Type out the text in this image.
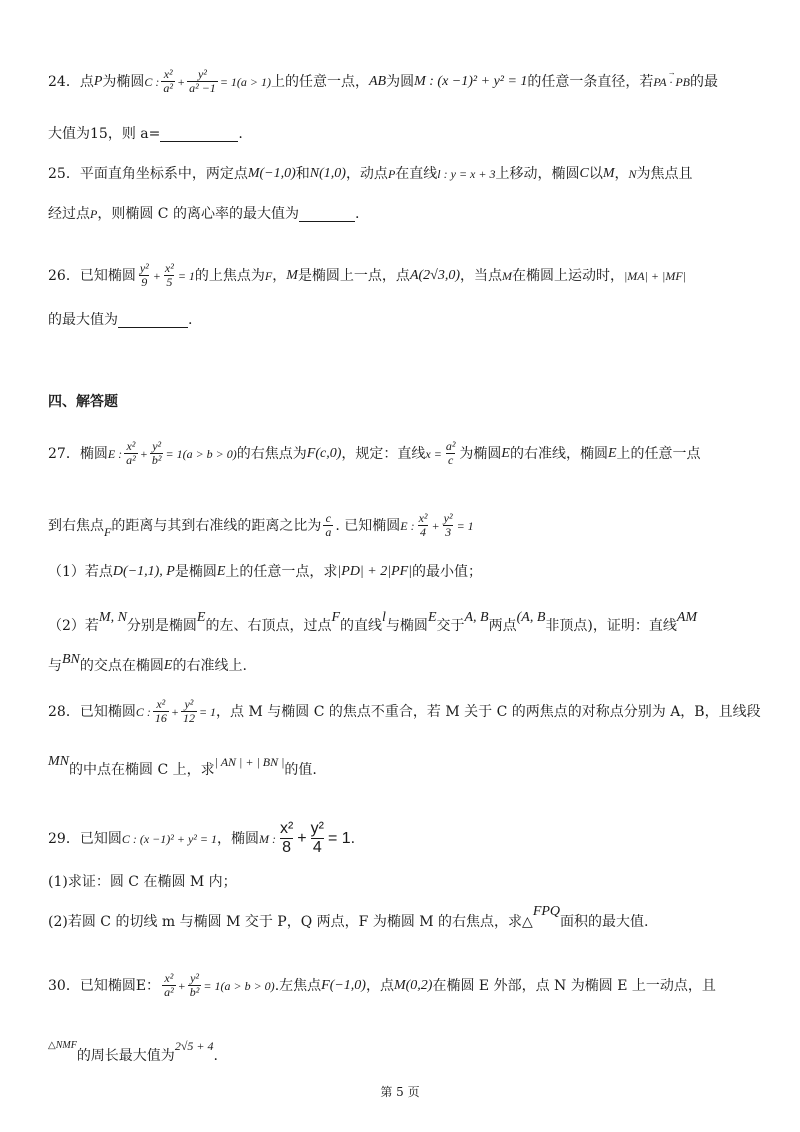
24． 点 P 为椭圆 C : $\frac{\text{x²}}{\text{a²}} + \frac{\text{y²}}{\text{a² −1}} = 1(a > 1)$ 上的任意一点， AB 为圆 M : (x −1)² + y² = 1 的任意一条直径，若
→ PA · PB 的最
大值为15，则 a=	.
25． 平面直角坐标系中，两定点 M(−1,0) 和 N(1,0) ，动点 P 在直线 l : y = x + 3 上移动，椭圆 C 以 M ， N 为焦点且
经过点 P ，则椭圆 C 的离心率的最大值为	.
26． 已知椭圆 $\frac{\text{y²}}{9} + \frac{\text{x²}}{5} = 1$ 的上焦点为 F ， M 是椭圆上一点，点 A(2√3,0) ，当点 M 在椭圆上运动时， |MA| + |MF|
的最大值为	.
四、解答题
27． 椭圆 E : $\frac{\text{x²}}{\text{a²}} + \frac{\text{y²}}{\text{b²}} = 1(a > b > 0)$ 的右焦点为 F(c,0) ，规定：直线 $x = \frac{\text{a²}}{c}$ 为椭圆 E 的右准线，椭圆 E 上的任意一点
到右焦点 F 的距离与其到右准线的距离之比为 $\frac{c}{a}$ . 已知椭圆 E : $\frac{\text{x²}}{4} + \frac{\text{y²}}{3} = 1$
（1）若点 D(−1,1), P 是椭圆 E 上的任意一点，求 |PD| + 2|PF| 的最小值；
（2）若
M, N
分别是椭圆
E
的左、右顶点，过点
F
的直线
l
与椭圆
E
交于
A, B
两点
(A, B
非顶点)，证明：直线
AM
与 BN 的交点在椭圆 E 的右准线上.
28． 已知椭圆 C : $\frac{\text{x²}}{16} + \frac{\text{y²}}{12} = 1$ ，点 M 与椭圆 C 的焦点不重合，若 M 关于 C 的两焦点的对称点分别为 A，B，且线段
MN
的中点在椭圆 C 上，求 | AN | + | BN | 的值.
29． 已知圆 C : (x −1)² + y² = 1 ，椭圆 M : $\frac{\text{x²}}{8} + \frac{\text{y²}}{4} = 1$ .
(1)求证：圆 C 在椭圆 M 内；
(2)若圆 C 的切线 m 与椭圆 M 交于 P，Q 两点，F 为椭圆 M 的右焦点，求△
FPQ
面积的最大值.
30． 已知椭圆 E： $\frac{\text{x²}}{\text{a²}} + \frac{\text{y²}}{\text{b²}} = 1(a > b > 0)$ .左焦点 F(−1,0) ，点 M(0,2) 在椭圆 E 外部，点 N 为椭圆 E 上一动点，且
△NMF
的周长最大值为
2√5 + 4
.
第 5 页
